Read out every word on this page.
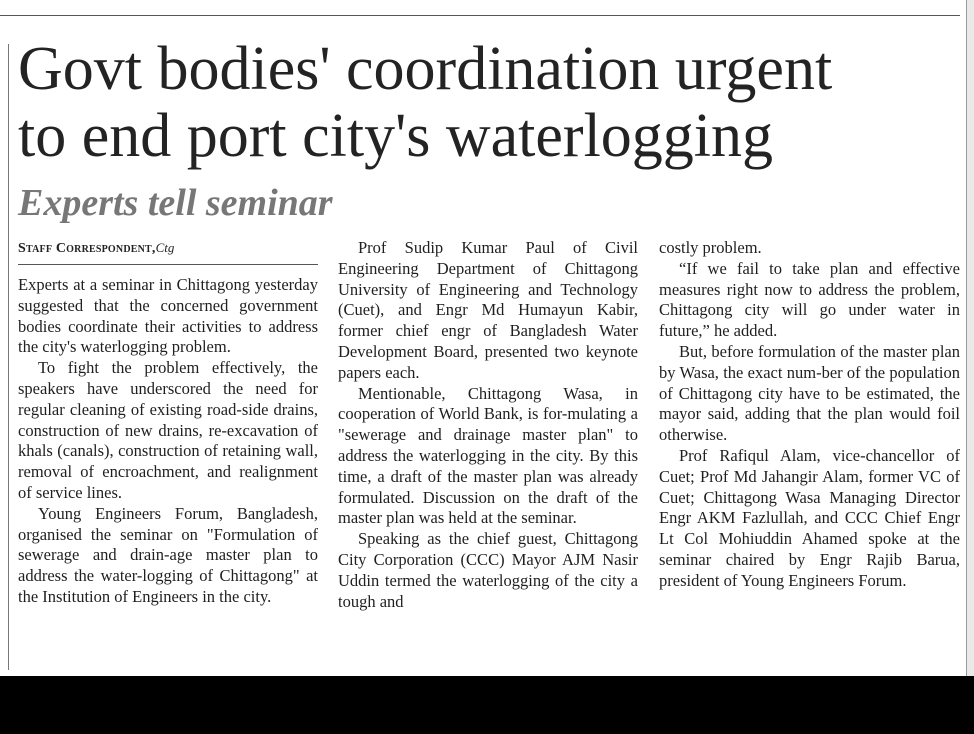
Govt bodies' coordination urgent
to end port city's waterlogging
Experts tell seminar
Staff Correspondent,Ctg

Experts at a seminar in Chittagong yesterday suggested that the concerned government bodies coordinate their activities to address the city's waterlogging problem.

To fight the problem effectively, the speakers have underscored the need for regular cleaning of existing road-side drains, construction of new drains, re-excavation of khals (canals), construction of retaining wall, removal of encroachment, and realignment of service lines.

Young Engineers Forum, Bangladesh, organised the seminar on "Formulation of sewerage and drain-age master plan to address the water-logging of Chittagong" at the Institution of Engineers in the city.

Prof Sudip Kumar Paul of Civil Engineering Department of Chittagong University of Engineering and Technology (Cuet), and Engr Md Humayun Kabir, former chief engr of Bangladesh Water Development Board, presented two keynote papers each.

Mentionable, Chittagong Wasa, in cooperation of World Bank, is for-mulating a "sewerage and drainage master plan" to address the waterlogging in the city. By this time, a draft of the master plan was already formulated. Discussion on the draft of the master plan was held at the seminar.

Speaking as the chief guest, Chittagong City Corporation (CCC) Mayor AJM Nasir Uddin termed the waterlogging of the city a tough and

costly problem.

“If we fail to take plan and effective measures right now to address the problem, Chittagong city will go under water in future,” he added.

But, before formulation of the master plan by Wasa, the exact num-ber of the population of Chittagong city have to be estimated, the mayor said, adding that the plan would foil otherwise.

Prof Rafiqul Alam, vice-chancellor of Cuet; Prof Md Jahangir Alam, former VC of Cuet; Chittagong Wasa Managing Director Engr AKM Fazlullah, and CCC Chief Engr Lt Col Mohiuddin Ahamed spoke at the seminar chaired by Engr Rajib Barua, president of Young Engineers Forum.
